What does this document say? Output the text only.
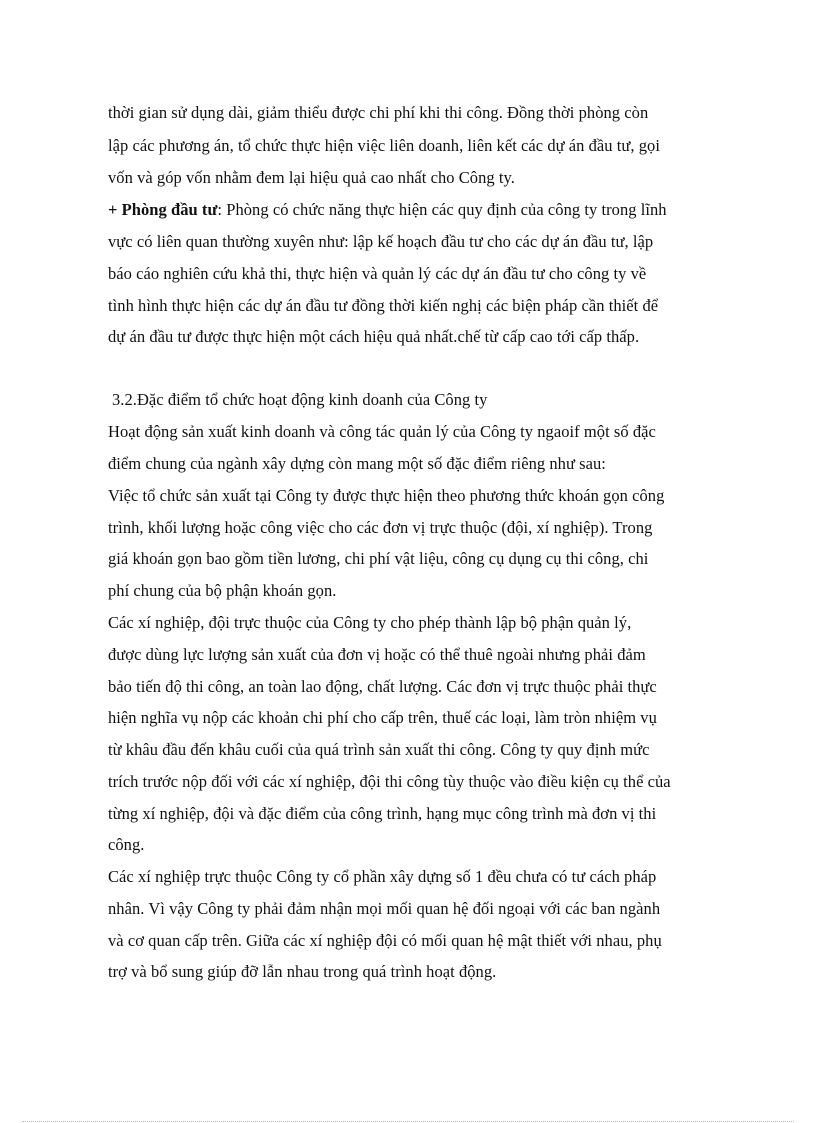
thời gian sử dụng dài, giảm thiểu được chi phí khi thi công. Đồng thời phòng còn
lập các phương án, tổ chức thực hiện việc liên doanh, liên kết các dự án đầu tư, gọi
vốn và góp vốn nhằm đem lại hiệu quả cao nhất cho Công ty.
+ Phòng đầu tư: Phòng có chức năng thực hiện các quy định của công ty trong lĩnh
vực có liên quan thường xuyên như: lập kế hoạch đầu tư cho các dự án đầu tư, lập
báo cáo nghiên cứu khả thi, thực hiện và quản lý các dự án đầu tư cho công ty về
tình hình thực hiện các dự án đầu tư đồng thời kiến nghị các biện pháp cần thiết để
dự án đầu tư được thực hiện một cách hiệu quả nhất.chế từ cấp cao tới cấp thấp.
3.2.Đặc điểm tổ chức hoạt động kinh doanh của Công ty
Hoạt động sản xuất kinh doanh và công tác quản lý của Công ty ngaoif một số đặc
điểm chung của ngành xây dựng còn mang một số đặc điểm riêng như sau:
Việc tổ chức sản xuất tại Công ty được thực hiện theo phương thức khoán gọn công
trình, khối lượng hoặc công việc cho các đơn vị trực thuộc (đội, xí nghiệp). Trong
giá khoán gọn bao gồm tiền lương, chi phí vật liệu, công cụ dụng cụ thi công, chi
phí chung của bộ phận khoán gọn.
Các xí nghiệp, đội trực thuộc của Công ty cho phép thành lập bộ phận quản lý,
được dùng lực lượng sản xuất của đơn vị hoặc có thể thuê ngoài nhưng phải đảm
bảo tiến độ thi công, an toàn lao động, chất lượng. Các đơn vị trực thuộc phải thực
hiện nghĩa vụ nộp các khoản chi phí cho cấp trên, thuế các loại, làm tròn nhiệm vụ
từ khâu đầu đến khâu cuối của quá trình sản xuất thi công. Công ty quy định mức
trích trước nộp đối với các xí nghiệp, đội thi công tùy thuộc vào điều kiện cụ thể của
từng xí nghiệp, đội và đặc điểm của công trình, hạng mục công trình mà đơn vị thi
công.
Các xí nghiệp trực thuộc Công ty cổ phần xây dựng số 1 đều chưa có tư cách pháp
nhân. Vì vậy Công ty phải đảm nhận mọi mối quan hệ đối ngoại với các ban ngành
và cơ quan cấp trên. Giữa các xí nghiệp đội có mối quan hệ mật thiết với nhau, phụ
trợ và bổ sung giúp đỡ lẫn nhau trong quá trình hoạt động.
